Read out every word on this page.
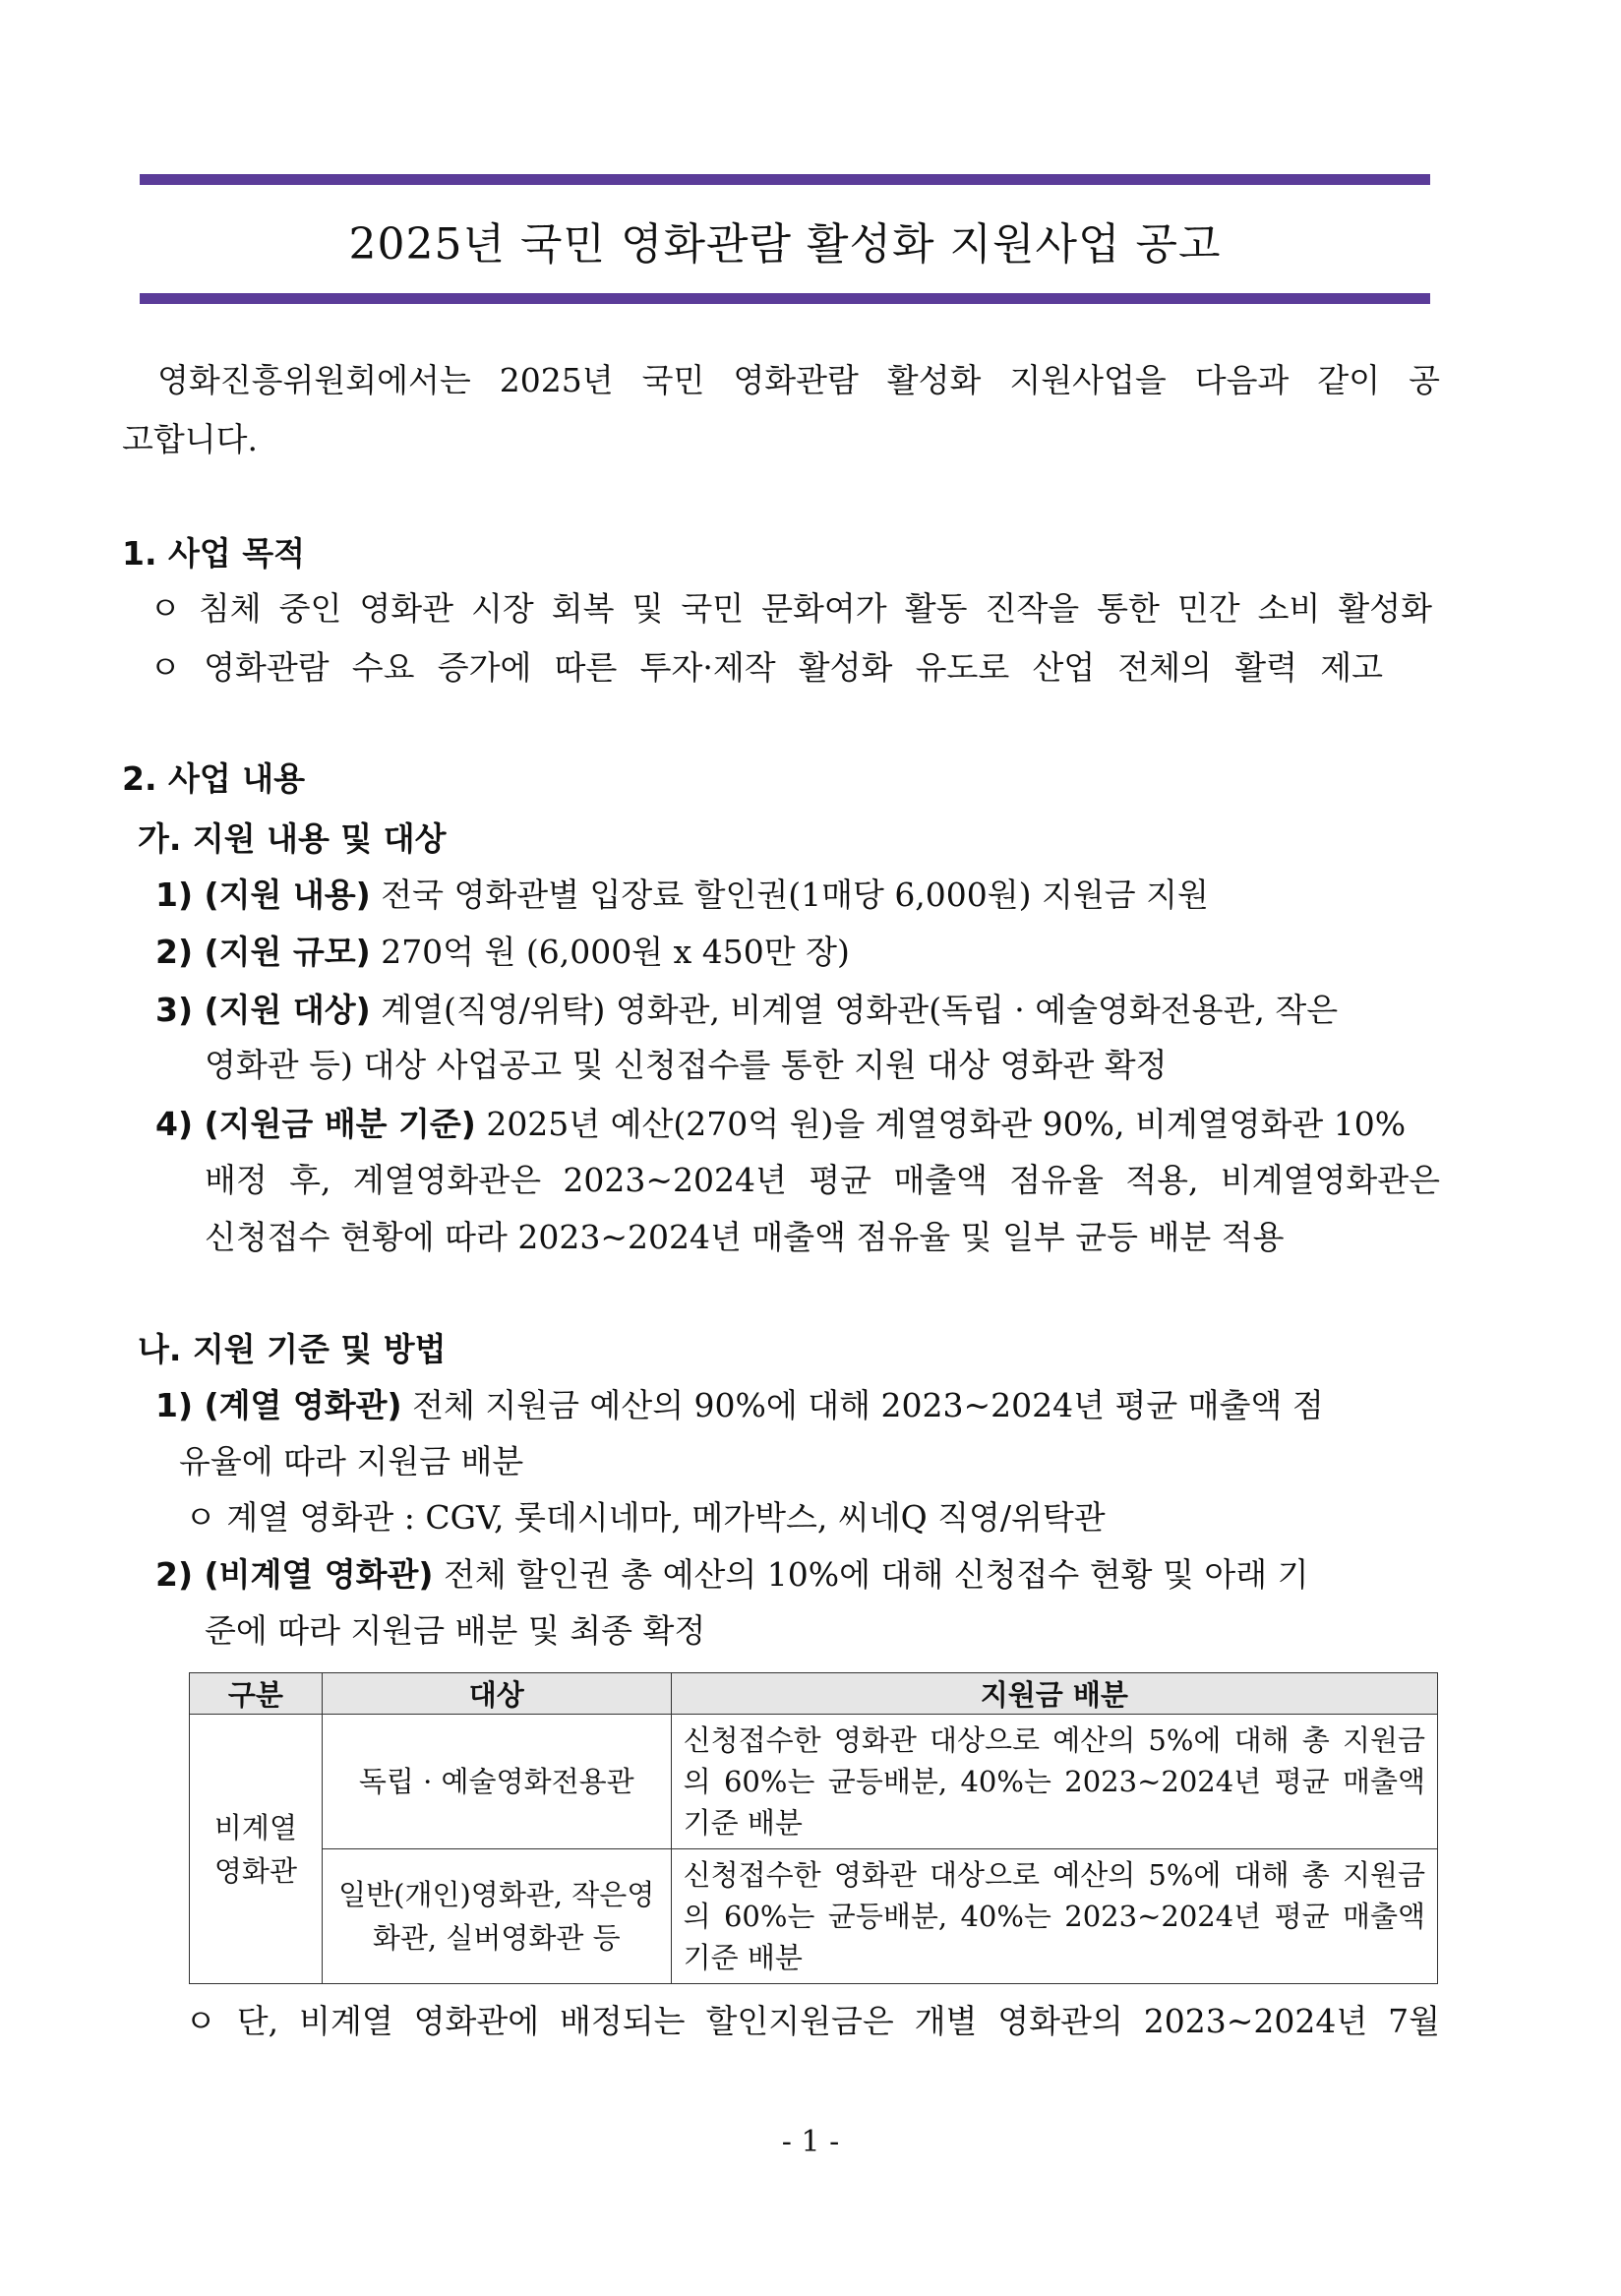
2025년 국민 영화관람 활성화 지원사업 공고
영화진흥위원회에서는 2025년 국민 영화관람 활성화 지원사업을 다음과 같이 공
고합니다.
1. 사업 목적
ㅇ 침체 중인 영화관 시장 회복 및 국민 문화여가 활동 진작을 통한 민간 소비 활성화
ㅇ 영화관람 수요 증가에 따른 투자·제작 활성화 유도로 산업 전체의 활력 제고
2. 사업 내용
가. 지원 내용 및 대상
1) (지원 내용) 전국 영화관별 입장료 할인권(1매당 6,000원) 지원금 지원
2) (지원 규모) 270억 원 (6,000원 x 450만 장)
3) (지원 대상) 계열(직영/위탁) 영화관, 비계열 영화관(독립 · 예술영화전용관, 작은
영화관 등) 대상 사업공고 및 신청접수를 통한 지원 대상 영화관 확정
4) (지원금 배분 기준) 2025년 예산(270억 원)을 계열영화관 90%, 비계열영화관 10%
배정 후, 계열영화관은 2023~2024년 평균 매출액 점유율 적용, 비계열영화관은
신청접수 현황에 따라 2023~2024년 매출액 점유율 및 일부 균등 배분 적용
나. 지원 기준 및 방법
1) (계열 영화관) 전체 지원금 예산의 90%에 대해 2023~2024년 평균 매출액 점
유율에 따라 지원금 배분
ㅇ 계열 영화관 : CGV, 롯데시네마, 메가박스, 씨네Q 직영/위탁관
2) (비계열 영화관) 전체 할인권 총 예산의 10%에 대해 신청접수 현황 및 아래 기
준에 따라 지원금 배분 및 최종 확정
구분	대상	지원금 배분
비계열
영화관	독립 · 예술영화전용관	신청접수한 영화관 대상으로 예산의 5%에 대해 총 지원금의 60%는 균등배분, 40%는 2023~2024년 평균 매출액 기준 배분
	일반(개인)영화관, 작은영화관, 실버영화관 등	신청접수한 영화관 대상으로 예산의 5%에 대해 총 지원금의 60%는 균등배분, 40%는 2023~2024년 평균 매출액 기준 배분
ㅇ 단, 비계열 영화관에 배정되는 할인지원금은 개별 영화관의 2023~2024년 7월
- 1 -
